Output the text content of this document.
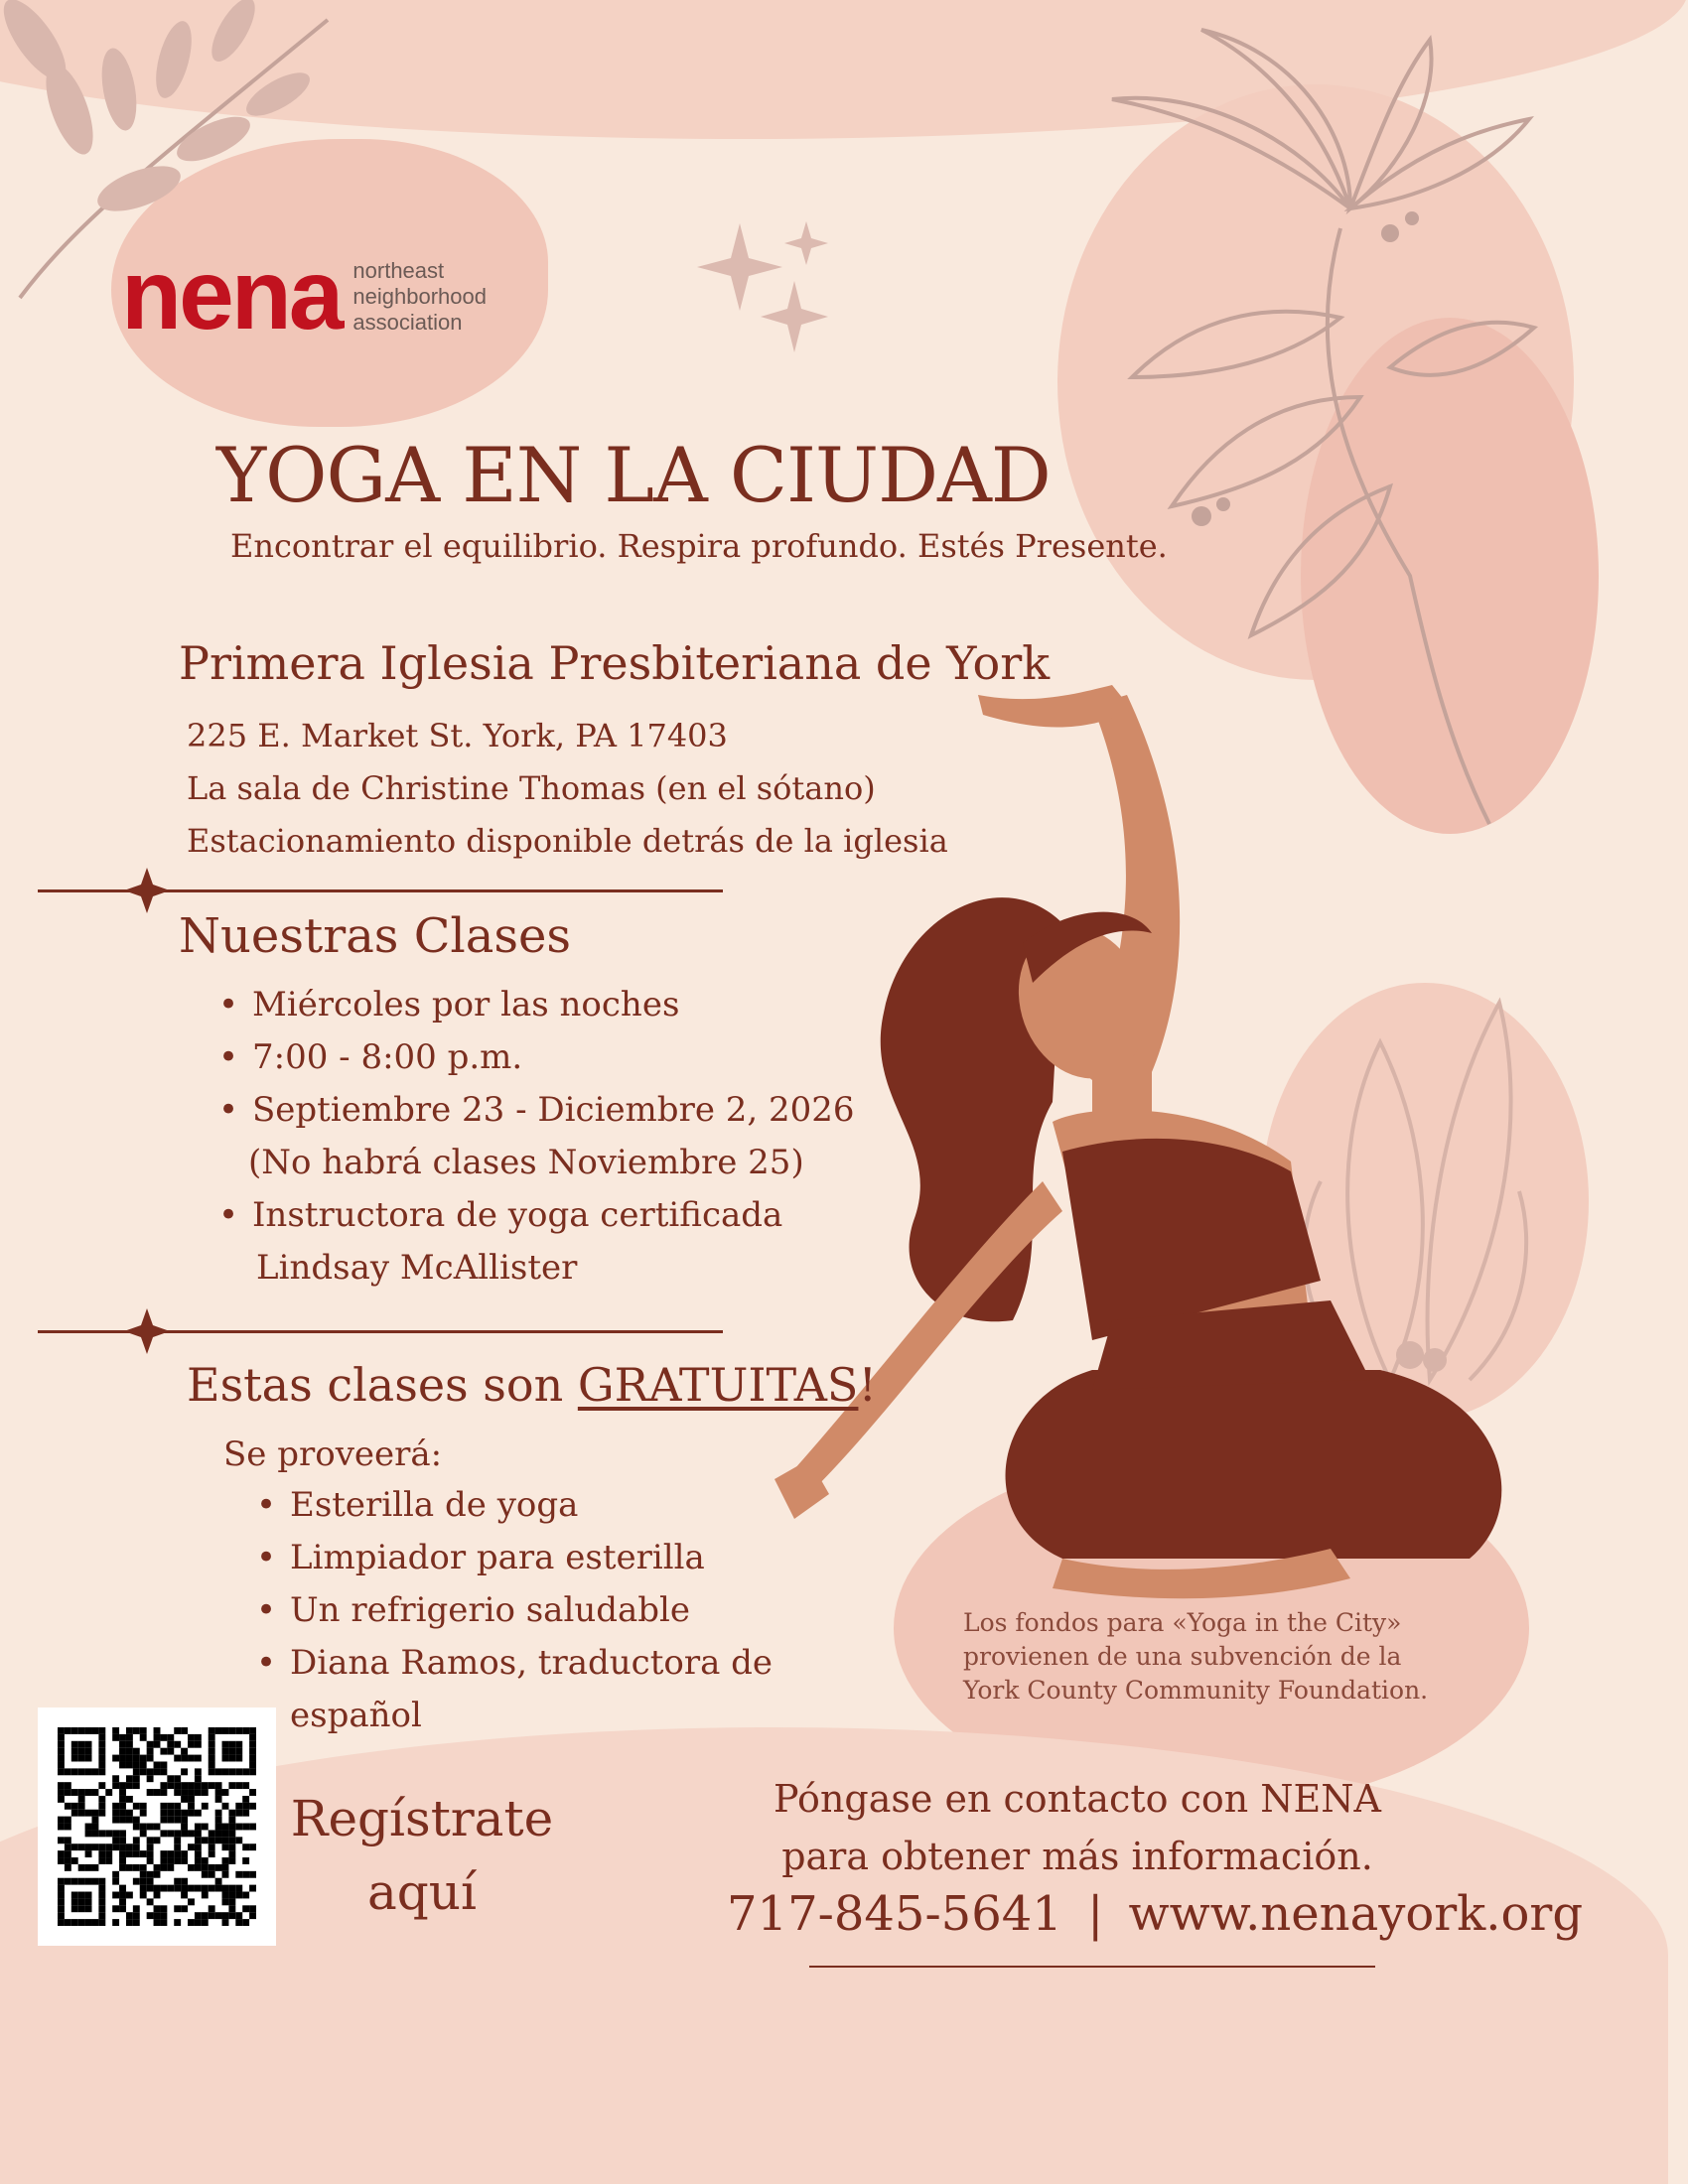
nena northeast
neighborhood
association
YOGA EN LA CIUDAD
Encontrar el equilibrio. Respira profundo. Estés Presente.
Primera Iglesia Presbiteriana de York
225 E. Market St. York, PA 17403
La sala de Christine Thomas (en el sótano)
Estacionamiento disponible detrás de la iglesia
Nuestras Clases
• Miércoles por las noches
• 7:00 - 8:00 p.m.
• Septiembre 23 - Diciembre 2, 2026
(No habrá clases Noviembre 25)
• Instructora de yoga certificada
Lindsay McAllister
Estas clases son GRATUITAS!
Se proveerá:
• Esterilla de yoga
• Limpiador para esterilla
• Un refrigerio saludable
• Diana Ramos, traductora de
español
Los fondos para «Yoga in the City»
provienen de una subvención de la
York County Community Foundation.
Regístrate
aquí
Póngase en contacto con NENA
para obtener más información.
717-845-5641 | www.nenayork.org
